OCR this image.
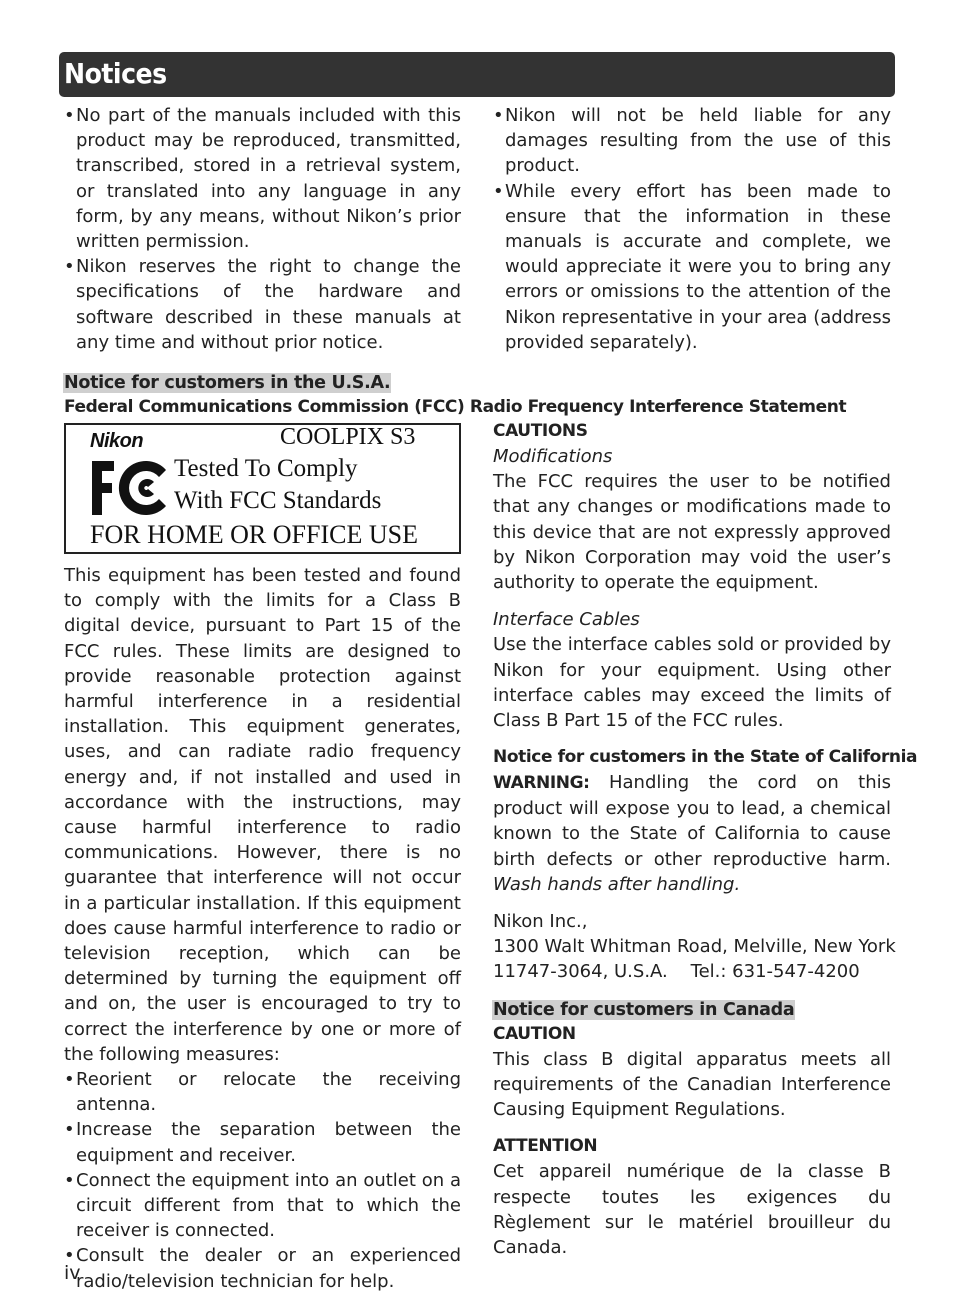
Notices
• No part of the manuals included with this product may be reproduced, transmitted, transcribed, stored in a retrieval system, or translated into any language in any form, by any means, without Nikon’s prior written permission.
• Nikon reserves the right to change the specifications of the hardware and software described in these manuals at any time and without prior notice.
• Nikon will not be held liable for any damages resulting from the use of this product.
• While every effort has been made to ensure that the information in these manuals is accurate and complete, we would appreciate it were you to bring any errors or omissions to the attention of the Nikon representative in your area (address provided separately).
Notice for customers in the U.S.A.
Federal Communications Commission (FCC) Radio Frequency Interference Statement
Nikon	COOLPIX S3
Tested To Comply
With FCC Standards
FOR HOME OR OFFICE USE

This equipment has been tested and found to comply with the limits for a Class B digital device, pursuant to Part 15 of the FCC rules. These limits are designed to provide reasonable protection against harmful interference in a residential installation. This equipment generates, uses, and can radiate radio frequency energy and, if not installed and used in accordance with the instructions, may cause harmful interference to radio communications. However, there is no guarantee that interference will not occur in a particular installation. If this equipment does cause harmful interference to radio or television reception, which can be determined by turning the equipment off and on, the user is encouraged to try to correct the interference by one or more of the following measures:

• Reorient or relocate the receiving antenna.
• Increase the separation between the equipment and receiver.
• Connect the equipment into an outlet on a circuit different from that to which the receiver is connected.
• Consult the dealer or an experienced radio/television technician for help.
CAUTIONS
Modifications

The FCC requires the user to be notified that any changes or modifications made to this device that are not expressly approved by Nikon Corporation may void the user’s authority to operate the equipment.

Interface Cables

Use the interface cables sold or provided by Nikon for your equipment. Using other interface cables may exceed the limits of Class B Part 15 of the FCC rules.

Notice for customers in the State of California

WARNING: Handling the cord on this product will expose you to lead, a chemical known to the State of California to cause birth defects or other reproductive harm. Wash hands after handling.

Nikon Inc.,
1300 Walt Whitman Road, Melville, New York
11747-3064, U.S.A.    Tel.: 631-547-4200
Notice for customers in Canada
CAUTION

This class B digital apparatus meets all requirements of the Canadian Interference Causing Equipment Regulations.

ATTENTION

Cet appareil numérique de la classe B respecte toutes les exigences du Règlement sur le matériel brouilleur du Canada.

iv
